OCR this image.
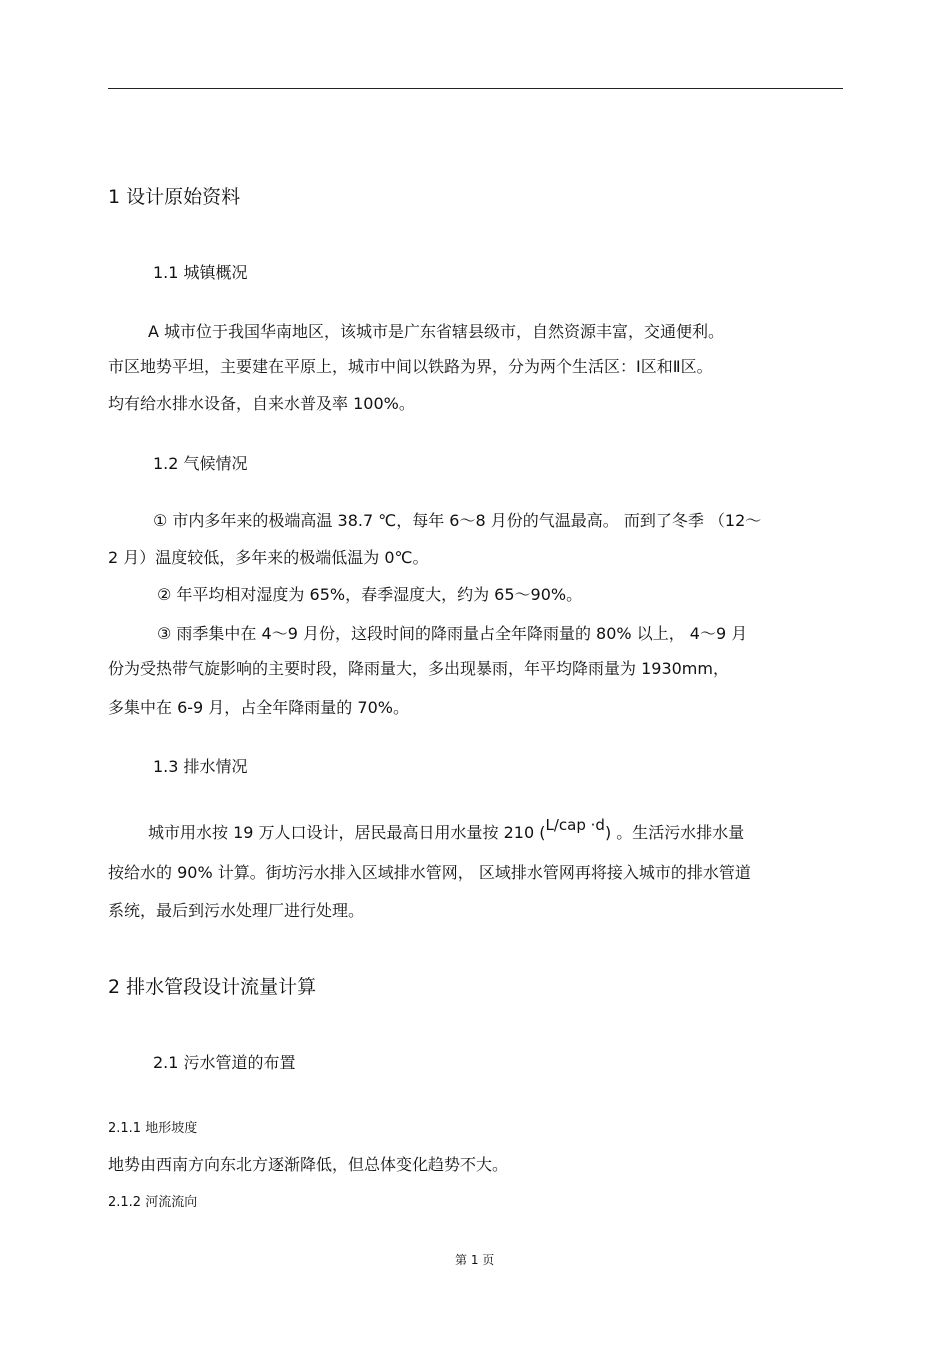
1 设计原始资料
1.1 城镇概况
A 城市位于我国华南地区，该城市是广东省辖县级市，自然资源丰富，交通便利。
市区地势平坦，主要建在平原上，城市中间以铁路为界，分为两个生活区：Ⅰ区和Ⅱ区。
均有给水排水设备，自来水普及率 100%。
1.2 气候情况
① 市内多年来的极端高温 38.7 ℃，每年 6～8 月份的气温最高。 而到了冬季 （12～
2 月）温度较低，多年来的极端低温为 0℃。
② 年平均相对湿度为 65%，春季湿度大，约为 65～90%。
③ 雨季集中在 4～9 月份，这段时间的降雨量占全年降雨量的 80% 以上， 4～9 月
份为受热带气旋影响的主要时段，降雨量大，多出现暴雨，年平均降雨量为 1930mm，
多集中在 6-9 月，占全年降雨量的 70%。
1.3 排水情况
城市用水按 19 万人口设计，居民最高日用水量按 210 (L/cap ·d) 。生活污水排水量
按给水的 90% 计算。街坊污水排入区域排水管网， 区域排水管网再将接入城市的排水管道
系统，最后到污水处理厂进行处理。
2 排水管段设计流量计算
2.1 污水管道的布置
2.1.1 地形坡度
地势由西南方向东北方逐渐降低，但总体变化趋势不大。
2.1.2 河流流向
第 1 页
